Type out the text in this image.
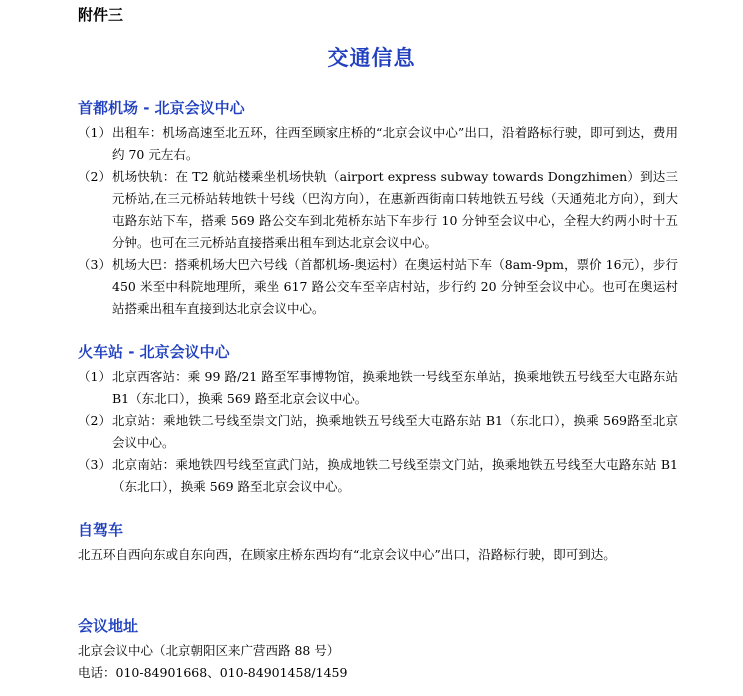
附件三
交通信息
首都机场 - 北京会议中心
（1） 出租车：机场高速至北五环，往西至顾家庄桥的“北京会议中心”出口，沿着路标行驶，即可到达，费用约 70 元左右。
（2） 机场快轨：在 T2 航站楼乘坐机场快轨（airport express subway towards Dongzhimen）到达三元桥站,在三元桥站转地铁十号线（巴沟方向），在惠新西街南口转地铁五号线（天通苑北方向），到大屯路东站下车，搭乘 569 路公交车到北苑桥东站下车步行 10 分钟至会议中心，全程大约两小时十五分钟。也可在三元桥站直接搭乘出租车到达北京会议中心。
（3） 机场大巴：搭乘机场大巴六号线（首都机场-奥运村）在奥运村站下车（8am-9pm，票价 16元），步行 450 米至中科院地理所，乘坐 617 路公交车至辛店村站，步行约 20 分钟至会议中心。也可在奥运村站搭乘出租车直接到达北京会议中心。
火车站 - 北京会议中心
（1） 北京西客站：乘 99 路/21 路至军事博物馆，换乘地铁一号线至东单站，换乘地铁五号线至大屯路东站 B1（东北口），换乘 569 路至北京会议中心。
（2） 北京站：乘地铁二号线至崇文门站，换乘地铁五号线至大屯路东站 B1（东北口），换乘 569路至北京会议中心。
（3） 北京南站：乘地铁四号线至宣武门站，换成地铁二号线至崇文门站，换乘地铁五号线至大屯路东站 B1（东北口），换乘 569 路至北京会议中心。
自驾车

北五环自西向东或自东向西，在顾家庄桥东西均有“北京会议中心”出口，沿路标行驶，即可到达。

会议地址

北京会议中心（北京朝阳区来广营西路 88 号）

电话：010-84901668、010-84901458/1459
